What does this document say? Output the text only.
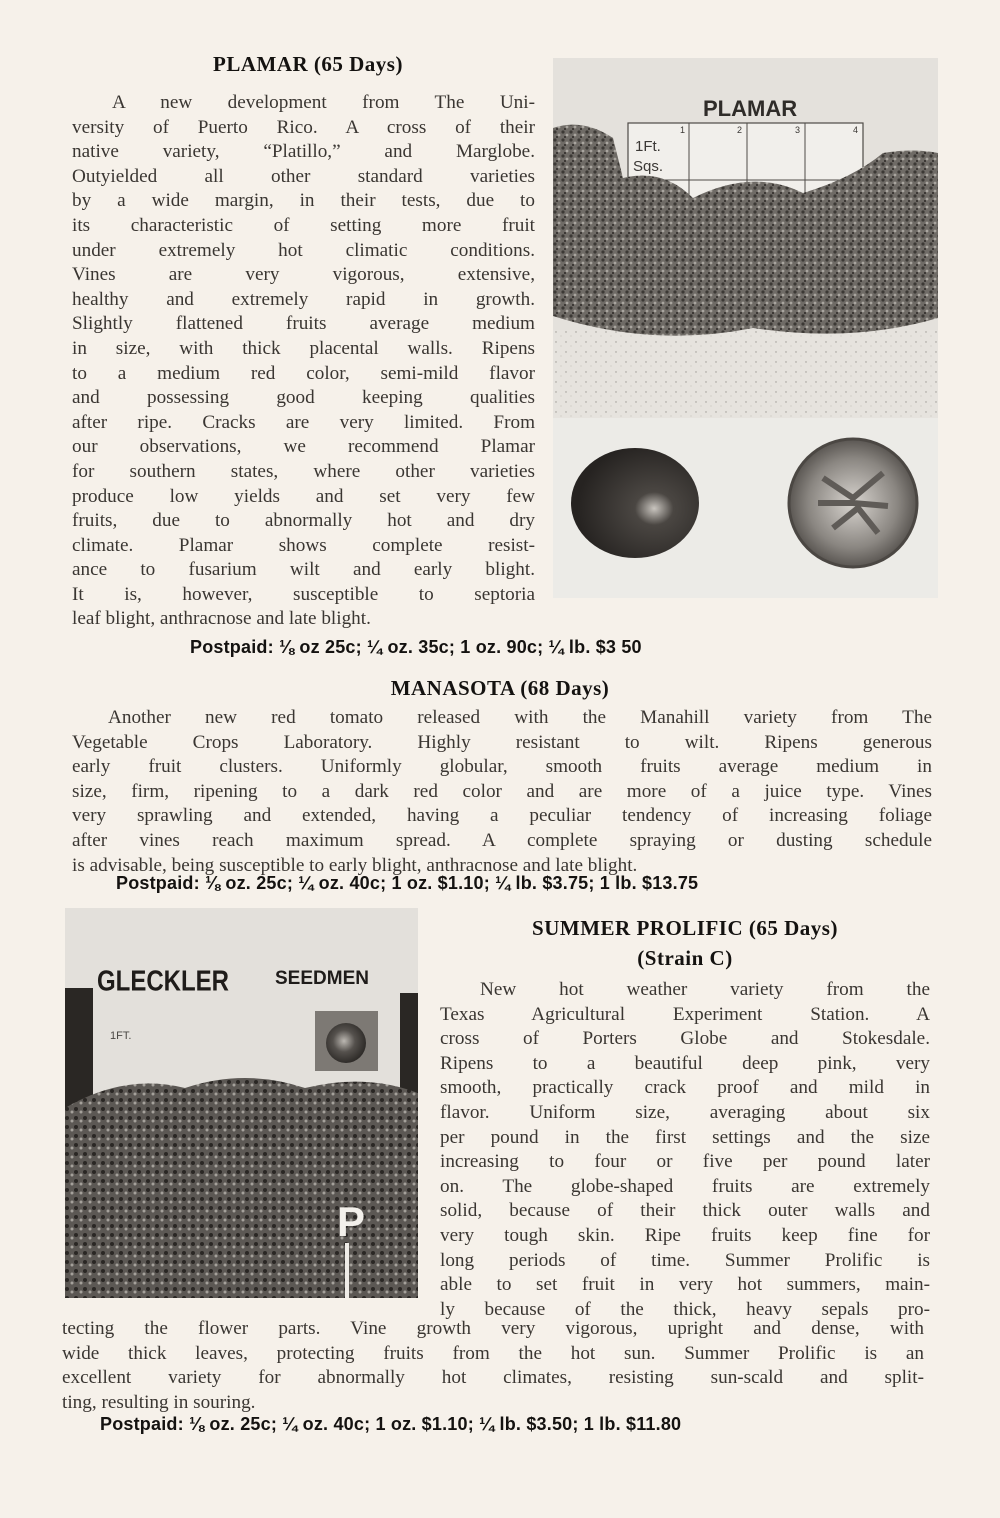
PLAMAR (65 Days)
A new development from The Uni-
versity of Puerto Rico. A cross of their
native variety, “Platillo,” and Marglobe.
Outyielded all other standard varieties
by a wide margin, in their tests, due to
its characteristic of setting more fruit
under extremely hot climatic conditions.
Vines are very vigorous, extensive,
healthy and extremely rapid in growth.
Slightly flattened fruits average medium
in size, with thick placental walls. Ripens
to a medium red color, semi-mild flavor
and possessing good keeping qualities
after ripe. Cracks are very limited. From
our observations, we recommend Plamar
for southern states, where other varieties
produce low yields and set very few
fruits, due to abnormally hot and dry
climate. Plamar shows complete resist-
ance to fusarium wilt and early blight.
It is, however, susceptible to septoria
leaf blight, anthracnose and late blight.
Postpaid: ⅛ oz 25c; ¼ oz. 35c; 1 oz. 90c; ¼ lb. $3 50
PLAMAR
1Ft.
Sqs.
1	2	3	4
MANASOTA (68 Days)
Another new red tomato released with the Manahill variety from The
Vegetable Crops Laboratory. Highly resistant to wilt. Ripens generous
early fruit clusters. Uniformly globular, smooth fruits average medium in
size, firm, ripening to a dark red color and are more of a juice type. Vines
very sprawling and extended, having a peculiar tendency of increasing foliage
after vines reach maximum spread. A complete spraying or dusting schedule
is advisable, being susceptible to early blight, anthracnose and late blight.
Postpaid: ⅛ oz. 25c; ¼ oz. 40c; 1 oz. $1.10; ¼ lb. $3.75; 1 lb. $13.75
GLECKLER SEEDMEN
1FT.
P
SUMMER PROLIFIC (65 Days)
(Strain C)
New hot weather variety from the
Texas Agricultural Experiment Station. A
cross of Porters Globe and Stokesdale.
Ripens to a beautiful deep pink, very
smooth, practically crack proof and mild in
flavor. Uniform size, averaging about six
per pound in the first settings and the size
increasing to four or five per pound later
on. The globe-shaped fruits are extremely
solid, because of their thick outer walls and
very tough skin. Ripe fruits keep fine for
long periods of time. Summer Prolific is
able to set fruit in very hot summers, main-
ly because of the thick, heavy sepals pro-
tecting the flower parts. Vine growth very vigorous, upright and dense, with
wide thick leaves, protecting fruits from the hot sun. Summer Prolific is an
excellent variety for abnormally hot climates, resisting sun-scald and split-
ting, resulting in souring.
Postpaid: ⅛ oz. 25c; ¼ oz. 40c; 1 oz. $1.10; ¼ lb. $3.50; 1 lb. $11.80
